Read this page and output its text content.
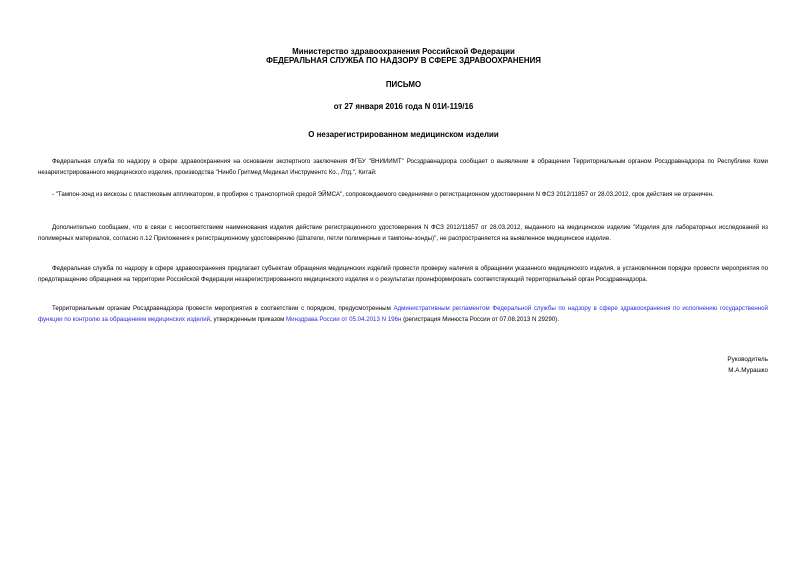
Министерство здравоохранения Российской Федерации
ФЕДЕРАЛЬНАЯ СЛУЖБА ПО НАДЗОРУ В СФЕРЕ ЗДРАВООХРАНЕНИЯ
ПИСЬМО
от 27 января 2016 года N 01И-119/16
О незарегистрированном медицинском изделии
Федеральная служба по надзору в сфере здравоохранения на основании экспертного заключения ФГБУ "ВНИИИМТ" Росздравнадзора сообщает о выявлении в обращении Территориальным органом Росздравнадзора по Республике Коми незарегистрированного медицинского изделия, производства "Нинбо Гритмед Медикал Инструментс Ко., Лтд.", Китай:
- "Тампон-зонд из вискозы с пластиковым аппликатором, в пробирке с транспортной средой ЭЙМСА", сопровождаемого сведениями о регистрационном удостоверении N ФСЗ 2012/11857 от 28.03.2012, срок действия не ограничен.
Дополнительно сообщаем, что в связи с несоответствием наименования изделия действие регистрационного удостоверения N ФСЗ 2012/11857 от 28.03.2012, выданного на медицинское изделие "Изделия для лабораторных исследований из полимерных материалов, согласно п.12 Приложения к регистрационному удостоверению (Шпатели, петли полимерные и тампоны-зонды)", не распространяется на выявленное медицинское изделие.
Федеральная служба по надзору в сфере здравоохранения предлагает субъектам обращения медицинских изделий провести проверку наличия в обращении указанного медицинского изделия, в установленном порядке провести мероприятия по предотвращению обращения на территории Российской Федерации незарегистрированного медицинского изделия и о результатах проинформировать соответствующий территориальный орган Росздравнадзора.
Территориальным органам Росздравнадзора провести мероприятия в соответствии с порядком, предусмотренным Административным регламентом Федеральной службы по надзору в сфере здравоохранения по исполнению государственной функции по контролю за обращением медицинских изделий, утвержденным приказом Минздрава России от 05.04.2013 N 196н (регистрация Минюста России от 07.08.2013 N 29290).
Руководитель
М.А.Мурашко
